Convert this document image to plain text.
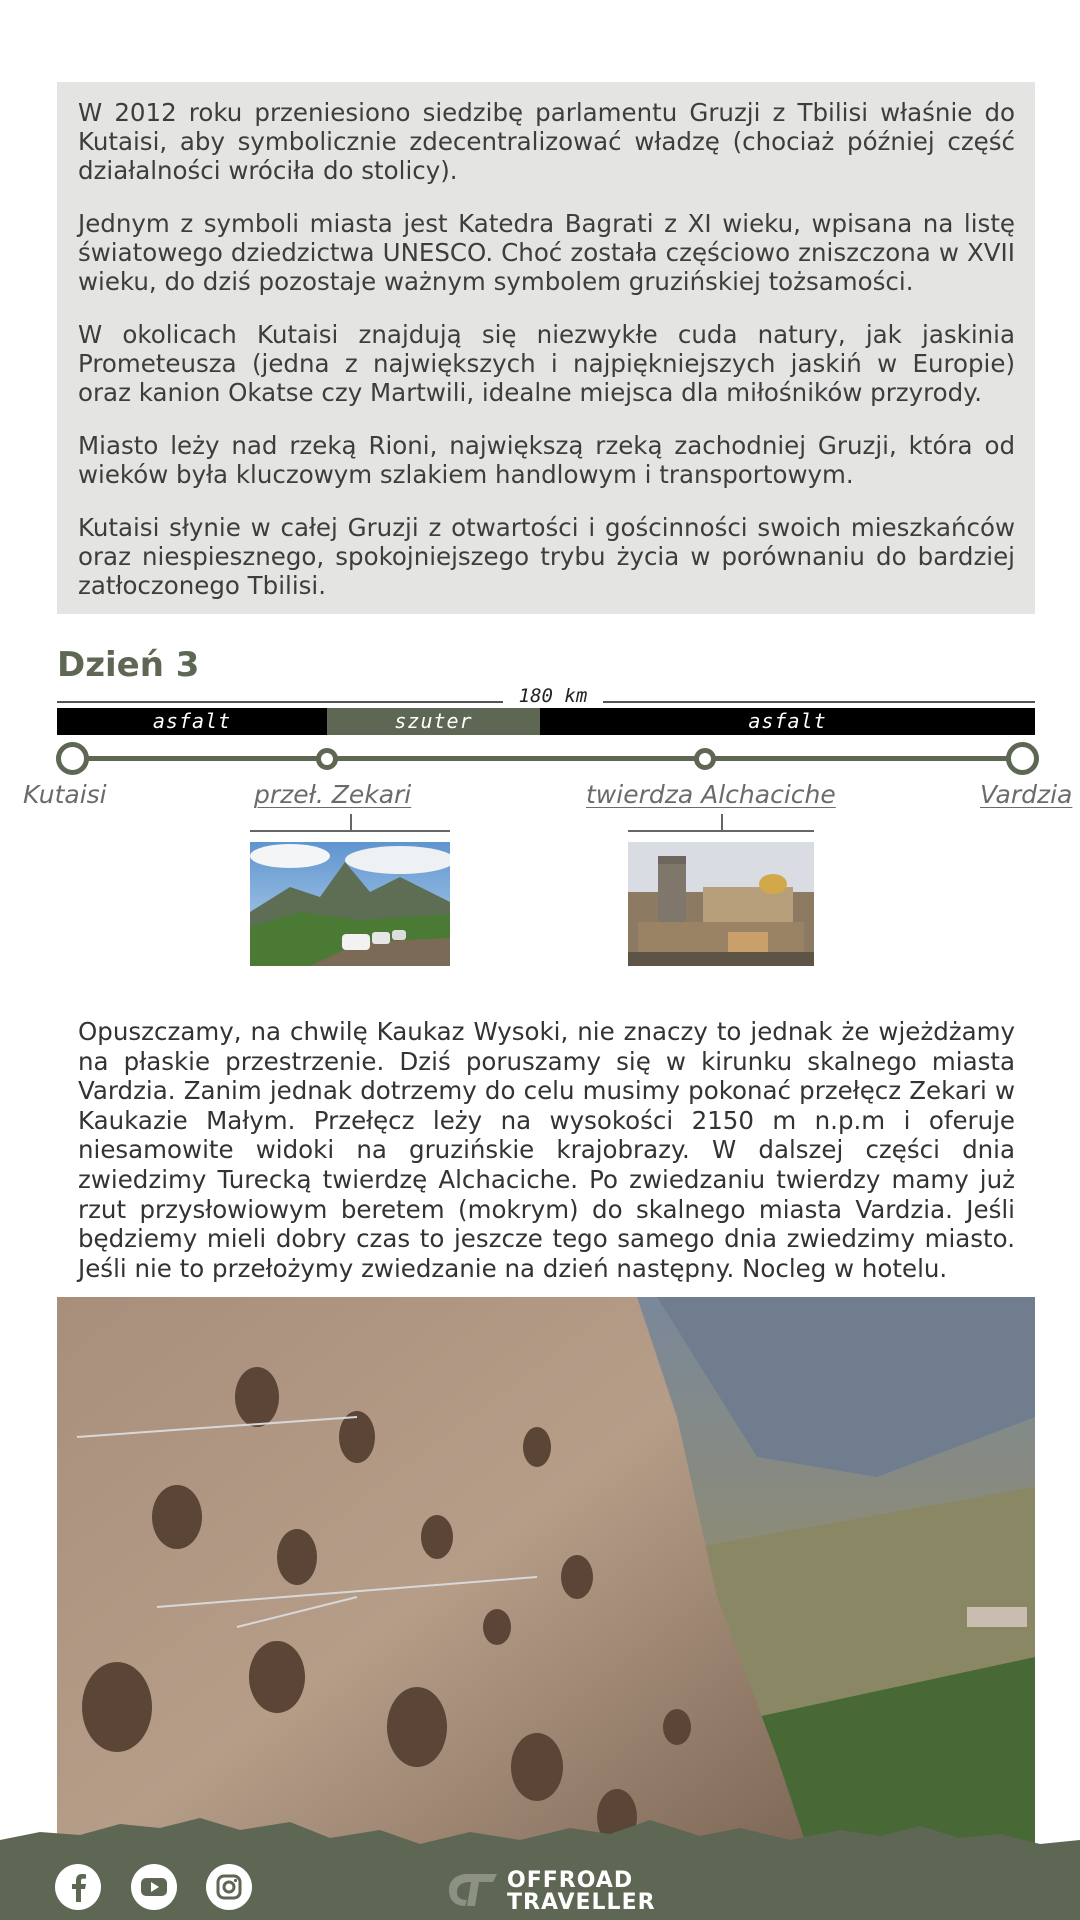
W 2012 roku przeniesiono siedzibę parlamentu Gruzji z Tbilisi właśnie do Kutaisi, aby symbolicznie zdecentralizować władzę (chociaż później część działalności wróciła do stolicy).

Jednym z symboli miasta jest Katedra Bagrati z XI wieku, wpisana na listę światowego dziedzictwa UNESCO. Choć została częściowo zniszczona w XVII wieku, do dziś pozostaje ważnym symbolem gruzińskiej tożsamości.

W okolicach Kutaisi znajdują się niezwykłe cuda natury, jak jaskinia Prometeusza (jedna z największych i najpiękniejszych jaskiń w Europie) oraz kanion Okatse czy Martwili, idealne miejsca dla miłośników przyrody.

Miasto leży nad rzeką Rioni, największą rzeką zachodniej Gruzji, która od wieków była kluczowym szlakiem handlowym i transportowym.

Kutaisi słynie w całej Gruzji z otwartości i gościnności swoich mieszkańców oraz niespiesznego, spokojniejszego trybu życia w porównaniu do bardziej zatłoczonego Tbilisi.

Dzień 3
180 km
asfalt	szuter	asfalt
Kutaisi	przeł. Zekari	twierdza Alchaciche	Vardzia

Opuszczamy, na chwilę Kaukaz Wysoki, nie znaczy to jednak że wjeżdżamy na płaskie przestrzenie. Dziś poruszamy się w kirunku skalnego miasta Vardzia. Zanim jednak dotrzemy do celu musimy pokonać przełęcz Zekari w Kaukazie Małym. Przełęcz leży na wysokości 2150 m n.p.m i oferuje niesamowite widoki na gruzińskie krajobrazy. W dalszej części dnia zwiedzimy Turecką twierdzę Alchaciche. Po zwiedzaniu twierdzy mamy już rzut przysłowiowym beretem (mokrym) do skalnego miasta Vardzia. Jeśli będziemy mieli dobry czas to jeszcze tego samego dnia zwiedzimy miasto. Jeśli nie to przełożymy zwiedzanie na dzień następny. Nocleg w hotelu.

OFFROAD
TRAVELLER
